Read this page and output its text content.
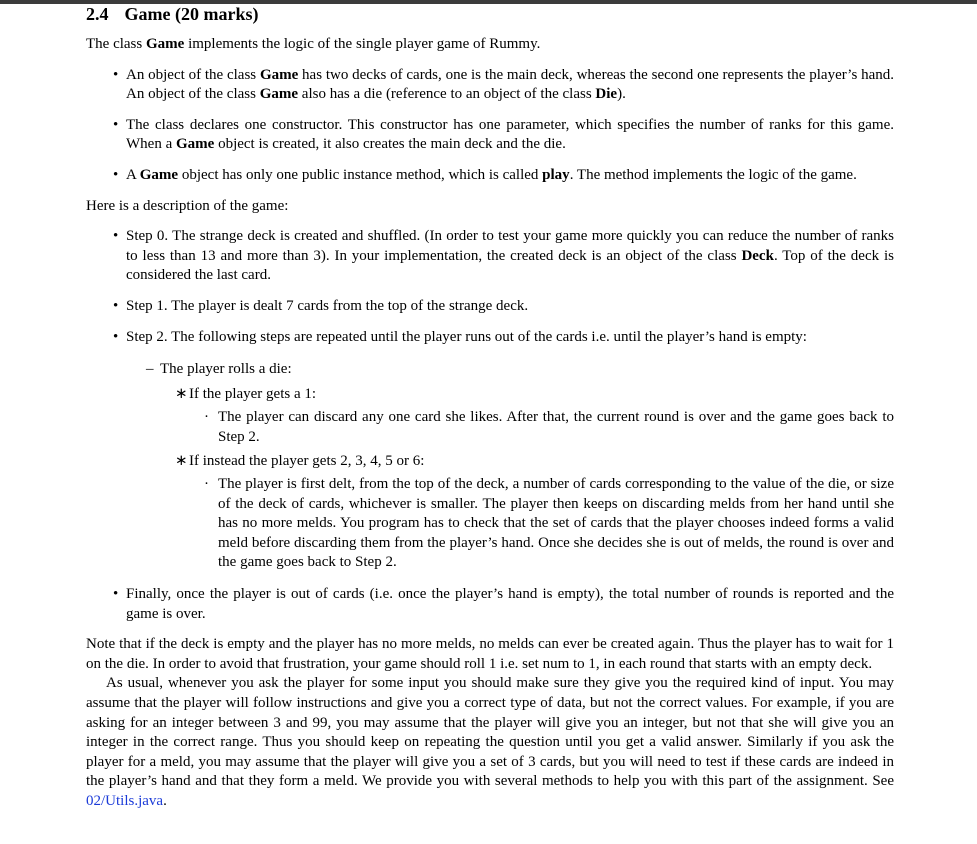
2.4 Game (20 marks)

The class Game implements the logic of the single player game of Rummy.

• An object of the class Game has two decks of cards, one is the main deck, whereas the second one represents the player’s hand. An object of the class Game also has a die (reference to an object of the class Die).
• The class declares one constructor. This constructor has one parameter, which specifies the number of ranks for this game. When a Game object is created, it also creates the main deck and the die.
• A Game object has only one public instance method, which is called play. The method implements the logic of the game.

Here is a description of the game:

• Step 0. The strange deck is created and shuffled. (In order to test your game more quickly you can reduce the number of ranks to less than 13 and more than 3). In your implementation, the created deck is an object of the class Deck. Top of the deck is considered the last card.
• Step 1. The player is dealt 7 cards from the top of the strange deck.
• Step 2. The following steps are repeated until the player runs out of the cards i.e. until the player’s hand is empty:
– The player rolls a die:
∗ If the player gets a 1:
· The player can discard any one card she likes. After that, the current round is over and the game goes back to Step 2.
∗ If instead the player gets 2, 3, 4, 5 or 6:
· The player is first delt, from the top of the deck, a number of cards corresponding to the value of the die, or size of the deck of cards, whichever is smaller. The player then keeps on discarding melds from her hand until she has no more melds. You program has to check that the set of cards that the player chooses indeed forms a valid meld before discarding them from the player’s hand. Once she decides she is out of melds, the round is over and the game goes back to Step 2.
• Finally, once the player is out of cards (i.e. once the player’s hand is empty), the total number of rounds is reported and the game is over.

Note that if the deck is empty and the player has no more melds, no melds can ever be created again. Thus the player has to wait for 1 on the die. In order to avoid that frustration, your game should roll 1 i.e. set num to 1, in each round that starts with an empty deck.

As usual, whenever you ask the player for some input you should make sure they give you the required kind of input. You may assume that the player will follow instructions and give you a correct type of data, but not the correct values. For example, if you are asking for an integer between 3 and 99, you may assume that the player will give you an integer, but not that she will give you an integer in the correct range. Thus you should keep on repeating the question until you get a valid answer. Similarly if you ask the player for a meld, you may assume that the player will give you a set of 3 cards, but you will need to test if these cards are indeed in the player’s hand and that they form a meld. We provide you with several methods to help you with this part of the assignment. See 02/Utils.java.
